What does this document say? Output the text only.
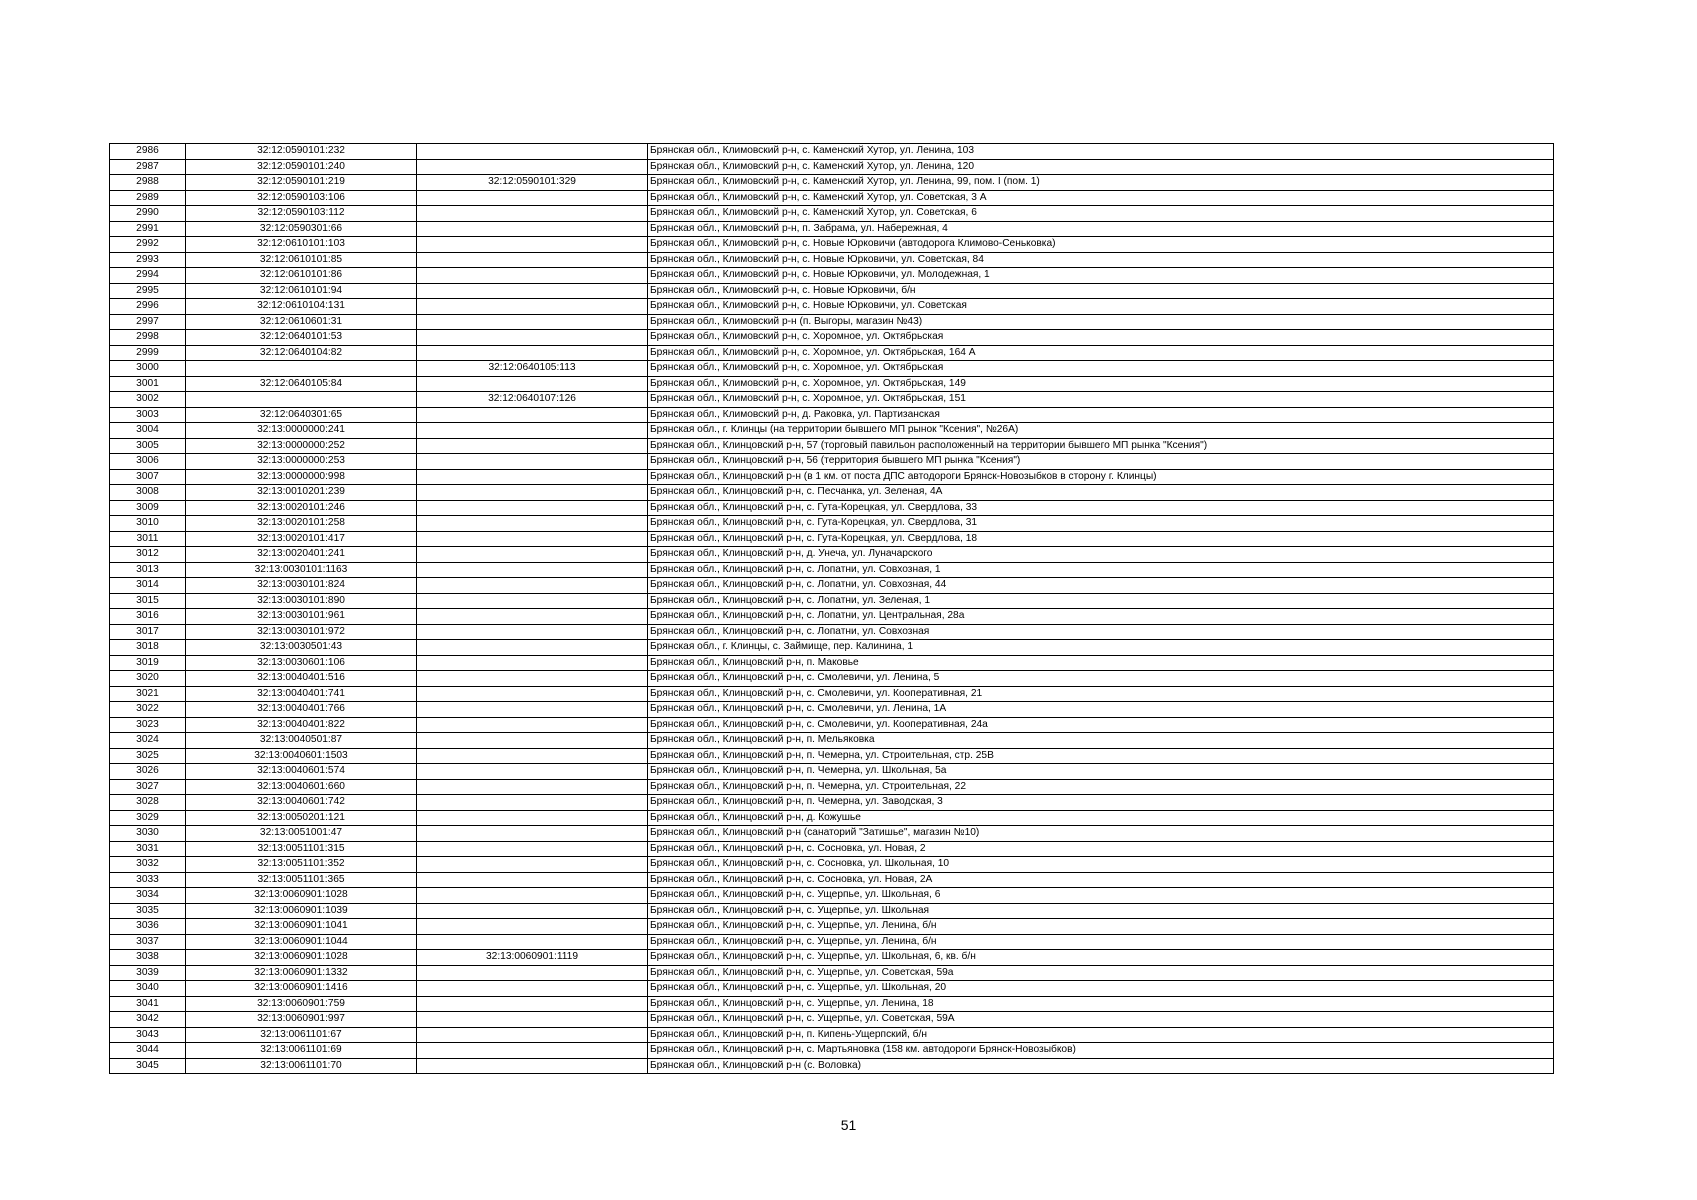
2986	32:12:0590101:232		Брянская обл., Климовский р-н, с. Каменский Хутор, ул. Ленина, 103
2987	32:12:0590101:240		Брянская обл., Климовский р-н, с. Каменский Хутор, ул. Ленина, 120
2988	32:12:0590101:219	32:12:0590101:329	Брянская обл., Климовский р-н, с. Каменский Хутор, ул. Ленина, 99, пом. I (пом. 1)
2989	32:12:0590103:106		Брянская обл., Климовский р-н, с. Каменский Хутор, ул. Советская, 3 А
2990	32:12:0590103:112		Брянская обл., Климовский р-н, с. Каменский Хутор, ул. Советская, 6
2991	32:12:0590301:66		Брянская обл., Климовский р-н, п. Забрама, ул. Набережная, 4
2992	32:12:0610101:103		Брянская обл., Климовский р-н, с. Новые Юрковичи (автодорога Климово-Сеньковка)
2993	32:12:0610101:85		Брянская обл., Климовский р-н, с. Новые Юрковичи, ул. Советская, 84
2994	32:12:0610101:86		Брянская обл., Климовский р-н, с. Новые Юрковичи, ул. Молодежная, 1
2995	32:12:0610101:94		Брянская обл., Климовский р-н, с. Новые Юрковичи, б/н
2996	32:12:0610104:131		Брянская обл., Климовский р-н, с. Новые Юрковичи, ул. Советская
2997	32:12:0610601:31		Брянская обл., Климовский р-н (п. Выгоры, магазин №43)
2998	32:12:0640101:53		Брянская обл., Климовский р-н, с. Хоромное, ул. Октябрьская
2999	32:12:0640104:82		Брянская обл., Климовский р-н, с. Хоромное, ул. Октябрьская, 164 А
3000		32:12:0640105:113	Брянская обл., Климовский р-н, с. Хоромное, ул. Октябрьская
3001	32:12:0640105:84		Брянская обл., Климовский р-н, с. Хоромное, ул. Октябрьская, 149
3002		32:12:0640107:126	Брянская обл., Климовский р-н, с. Хоромное, ул. Октябрьская, 151
3003	32:12:0640301:65		Брянская обл., Климовский р-н, д. Раковка, ул. Партизанская
3004	32:13:0000000:241		Брянская обл., г. Клинцы (на территории бывшего МП рынок "Ксения", №26А)
3005	32:13:0000000:252		Брянская обл., Клинцовский р-н, 57 (торговый павильон расположенный на территории бывшего МП рынка "Ксения")
3006	32:13:0000000:253		Брянская обл., Клинцовский р-н, 56 (территория бывшего МП рынка "Ксения")
3007	32:13:0000000:998		Брянская обл., Клинцовский р-н (в 1 км. от поста ДПС автодороги Брянск-Новозыбков в сторону г. Клинцы)
3008	32:13:0010201:239		Брянская обл., Клинцовский р-н, с. Песчанка, ул. Зеленая, 4А
3009	32:13:0020101:246		Брянская обл., Клинцовский р-н, с. Гута-Корецкая, ул. Свердлова, 33
3010	32:13:0020101:258		Брянская обл., Клинцовский р-н, с. Гута-Корецкая, ул. Свердлова, 31
3011	32:13:0020101:417		Брянская обл., Клинцовский р-н, с. Гута-Корецкая, ул. Свердлова, 18
3012	32:13:0020401:241		Брянская обл., Клинцовский р-н, д. Унеча, ул. Луначарского
3013	32:13:0030101:1163		Брянская обл., Клинцовский р-н, с. Лопатни, ул. Совхозная, 1
3014	32:13:0030101:824		Брянская обл., Клинцовский р-н, с. Лопатни, ул. Совхозная, 44
3015	32:13:0030101:890		Брянская обл., Клинцовский р-н, с. Лопатни, ул. Зеленая, 1
3016	32:13:0030101:961		Брянская обл., Клинцовский р-н, с. Лопатни, ул. Центральная, 28а
3017	32:13:0030101:972		Брянская обл., Клинцовский р-н, с. Лопатни, ул. Совхозная
3018	32:13:0030501:43		Брянская обл., г. Клинцы, с. Займище, пер. Калинина, 1
3019	32:13:0030601:106		Брянская обл., Клинцовский р-н, п. Маковье
3020	32:13:0040401:516		Брянская обл., Клинцовский р-н, с. Смолевичи, ул. Ленина, 5
3021	32:13:0040401:741		Брянская обл., Клинцовский р-н, с. Смолевичи, ул. Кооперативная, 21
3022	32:13:0040401:766		Брянская обл., Клинцовский р-н, с. Смолевичи, ул. Ленина, 1А
3023	32:13:0040401:822		Брянская обл., Клинцовский р-н, с. Смолевичи, ул. Кооперативная, 24а
3024	32:13:0040501:87		Брянская обл., Клинцовский р-н, п. Мельяковка
3025	32:13:0040601:1503		Брянская обл., Клинцовский р-н, п. Чемерна, ул. Строительная, стр. 25В
3026	32:13:0040601:574		Брянская обл., Клинцовский р-н, п. Чемерна, ул. Школьная, 5а
3027	32:13:0040601:660		Брянская обл., Клинцовский р-н, п. Чемерна, ул. Строительная, 22
3028	32:13:0040601:742		Брянская обл., Клинцовский р-н, п. Чемерна, ул. Заводская, 3
3029	32:13:0050201:121		Брянская обл., Клинцовский р-н, д. Кожушье
3030	32:13:0051001:47		Брянская обл., Клинцовский р-н (санаторий "Затишье", магазин №10)
3031	32:13:0051101:315		Брянская обл., Клинцовский р-н, с. Сосновка, ул. Новая, 2
3032	32:13:0051101:352		Брянская обл., Клинцовский р-н, с. Сосновка, ул. Школьная, 10
3033	32:13:0051101:365		Брянская обл., Клинцовский р-н, с. Сосновка, ул. Новая, 2А
3034	32:13:0060901:1028		Брянская обл., Клинцовский р-н, с. Ущерпье, ул. Школьная, 6
3035	32:13:0060901:1039		Брянская обл., Клинцовский р-н, с. Ущерпье, ул. Школьная
3036	32:13:0060901:1041		Брянская обл., Клинцовский р-н, с. Ущерпье, ул. Ленина, б/н
3037	32:13:0060901:1044		Брянская обл., Клинцовский р-н, с. Ущерпье, ул. Ленина, б/н
3038	32:13:0060901:1028	32:13:0060901:1119	Брянская обл., Клинцовский р-н, с. Ущерпье, ул. Школьная, 6, кв. б/н
3039	32:13:0060901:1332		Брянская обл., Клинцовский р-н, с. Ущерпье, ул. Советская, 59а
3040	32:13:0060901:1416		Брянская обл., Клинцовский р-н, с. Ущерпье, ул. Школьная, 20
3041	32:13:0060901:759		Брянская обл., Клинцовский р-н, с. Ущерпье, ул. Ленина, 18
3042	32:13:0060901:997		Брянская обл., Клинцовский р-н, с. Ущерпье, ул. Советская, 59А
3043	32:13:0061101:67		Брянская обл., Клинцовский р-н, п. Кипень-Ущерпский, б/н
3044	32:13:0061101:69		Брянская обл., Клинцовский р-н, с. Мартьяновка (158 км. автодороги Брянск-Новозыбков)
3045	32:13:0061101:70		Брянская обл., Клинцовский р-н (с. Воловка)
51
